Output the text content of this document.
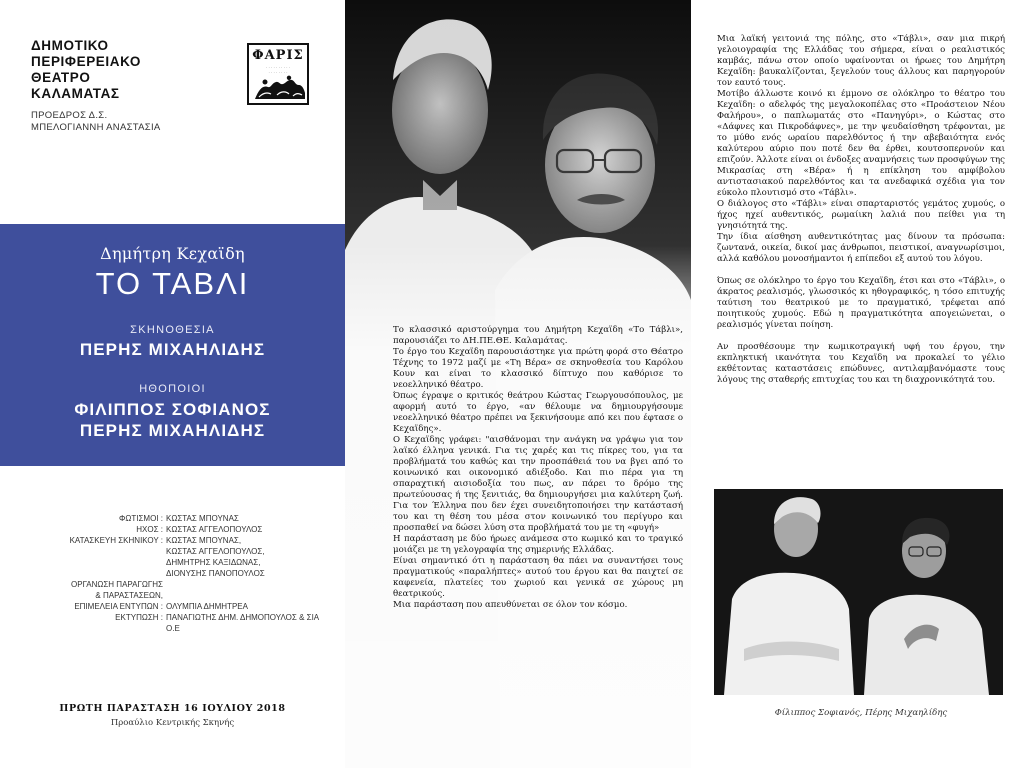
ΔΗΜΟΤΙΚΟ
ΠΕΡΙΦΕΡΕΙΑΚΟ
ΘΕΑΤΡΟ
ΚΑΛΑΜΑΤΑΣ
ΠΡΟΕΔΡΟΣ Δ.Σ.
ΜΠΕΛΟΓΙΑΝΝΗ ΑΝΑΣΤΑΣΙΑ
ΦΑΡΙΣ
· · · · · · · · · ·
· · · · · · · ·
Δημήτρη Κεχαϊδη
ΤΟ ΤΑΒΛΙ
ΣΚΗΝΟΘΕΣΙΑ
ΠΕΡΗΣ ΜΙΧΑΗΛΙΔΗΣ
ΗΘΟΠΟΙΟΙ
ΦΙΛΙΠΠΟΣ ΣΟΦΙΑΝΟΣ
ΠΕΡΗΣ ΜΙΧΑΗΛΙΔΗΣ
ΦΩΤΙΣΜΟΙ : ΚΩΣΤΑΣ ΜΠΟΥΝΑΣ
ΗΧΟΣ : ΚΩΣΤΑΣ ΑΓΓΕΛΟΠΟΥΛΟΣ
ΚΑΤΑΣΚΕΥΗ ΣΚΗΝΙΚΟΥ : ΚΩΣΤΑΣ ΜΠΟΥΝΑΣ,
ΚΩΣΤΑΣ ΑΓΓΕΛΟΠΟΥΛΟΣ,
ΔΗΜΗΤΡΗΣ ΚΑΞΙΔΩΝΑΣ,
ΔΙΟΝΥΣΗΣ ΠΑΝΟΠΟΥΛΟΣ
ΟΡΓΑΝΩΣΗ ΠΑΡΑΓΩΓΗΣ
& ΠΑΡΑΣΤΑΣΕΩΝ,
ΕΠΙΜΕΛΕΙΑ ΕΝΤΥΠΩΝ : ΟΛΥΜΠΙΑ ΔΗΜΗΤΡΕΑ
ΕΚΤΥΠΩΣΗ : ΠΑΝΑΓΙΩΤΗΣ ΔΗΜ. ΔΗΜΟΠΟΥΛΟΣ & ΣΙΑ Ο.Ε
ΠΡΩΤΗ ΠΑΡΑΣΤΑΣΗ 16 ΙΟΥΛΙΟΥ 2018
Προαύλιο Κεντρικής Σκηνής

Το κλασσικό αριστούργημα του Δημήτρη Κεχαϊδη «Το Τάβλι», παρουσιάζει το ΔΗ.ΠΕ.ΘΕ. Καλαμάτας.

Το έργο του Κεχαϊδη παρουσιάστηκε για πρώτη φορά στο Θέατρο Τέχνης το 1972 μαζί με «Τη Βέρα» σε σκηνοθεσία του Καρόλου Κουν και είναι το κλασσικό δίπτυχο που καθόρισε το νεοελληνικό θέατρο.

Όπως έγραψε ο κριτικός θεάτρου Κώστας Γεωργουσόπουλος, με αφορμή αυτό το έργο, «αν θέλουμε να δημιουργήσουμε νεοελληνικό θέατρο πρέπει να ξεκινήσουμε από κει που έφτασε ο Κεχαϊδης».

Ο Κεχαϊδης γράφει: "αισθάνομαι την ανάγκη να γράψω για τον λαϊκό έλληνα γενικά. Για τις χαρές και τις πίκρες του, για τα προβλήματά του καθώς και την προσπάθειά του να βγει από το κοινωνικό και οικονομικό αδιέξοδο. Και πιο πέρα για τη σπαραχτική αισιοδοξία του πως, αν πάρει το δρόμο της πρωτεύουσας ή της ξενιτιάς, θα δημιουργήσει μια καλύτερη ζωή. Για τον Έλληνα που δεν έχει συνειδητοποιήσει την κατάστασή του και τη θέση του μέσα στον κοινωνικό του περίγυρο και προσπαθεί να δώσει λύση στα προβλήματά του με τη «φυγή»

Η παράσταση με δύο ήρωες ανάμεσα στο κωμικό και το τραγικό μοιάζει με τη γελογραφία της σημερινής Ελλάδας.

Είναι σημαντικό ότι η παράσταση θα πάει να συναντήσει τους πραγματικούς «παραλήπτες» αυτού του έργου και θα παιχτεί σε καφενεία, πλατείες του χωριού και γενικά σε χώρους μη θεατρικούς.

Μια παράσταση που απευθύνεται σε όλον τον κόσμο.

Μια λαϊκή γειτονιά της πόλης, στο «Τάβλι», σαν μια πικρή γελοιογραφία της Ελλάδας του σήμερα, είναι ο ρεαλιστικός καμβάς, πάνω στον οποίο υφαίνονται οι ήρωες του Δημήτρη Κεχαϊδη: βαυκαλίζονται, ξεγελούν τους άλλους και παρηγορούν τον εαυτό τους.

Μοτίβο άλλωστε κοινό κι έμμονο σε ολόκληρο το θέατρο του Κεχαϊδη: ο αδελφός της μεγαλοκοπέλας στο «Προάστειον Νέου Φαλήρου», ο παπλωματάς στο «Πανηγύρι», ο Κώστας στο «Δάφνες και Πικροδάφνες», με την ψευδαίσθηση τρέφονται, με το μύθο ενός ωραίου παρελθόντος ή την αβεβαιότητα ενός καλύτερου αύριο που ποτέ δεν θα έρθει, κουτσοπερνούν και επιζούν. Άλλοτε είναι οι ένδοξες αναμνήσεις των προσφύγων της Μικρασίας στη «Βέρα» ή η επίκληση του αμφίβολου αντιστασιακού παρελθόντος και τα ανεδαφικά σχέδια για τον εύκολο πλουτισμό στο «Τάβλι».

Ο διάλογος στο «Τάβλι» είναι σπαρταριστός γεμάτος χυμούς, ο ήχος ηχεί αυθεντικός, ρωμαίικη λαλιά που πείθει για τη γνησιότητά της.

Την ίδια αίσθηση αυθεντικότητας μας δίνουν τα πρόσωπα: ζωντανά, οικεία, δικοί μας άνθρωποι, πειστικοί, αναγνωρίσιμοι, αλλά καθόλου μονοσήμαντοι ή επίπεδοι εξ αυτού του λόγου.

Όπως σε ολόκληρο το έργο του Κεχαϊδη, έτσι και στο «Τάβλι», ο άκρατος ρεαλισμός, γλωσσικός κι ηθογραφικός, η τόσο επιτυχής ταύτιση του θεατρικού με το πραγματικό, τρέφεται από ποιητικούς χυμούς. Εδώ η πραγματικότητα απογειώνεται, ο ρεαλισμός γίνεται ποίηση.

Αν προσθέσουμε την κωμικοτραγική υφή του έργου, την εκπληκτική ικανότητα του Κεχαϊδη να προκαλεί το γέλιο εκθέτοντας καταστάσεις επώδυνες, αντιλαμβανόμαστε τους λόγους της σταθερής επιτυχίας του και τη διαχρονικότητά του.

Φίλιππος Σοφιανός, Πέρης Μιχαηλίδης
